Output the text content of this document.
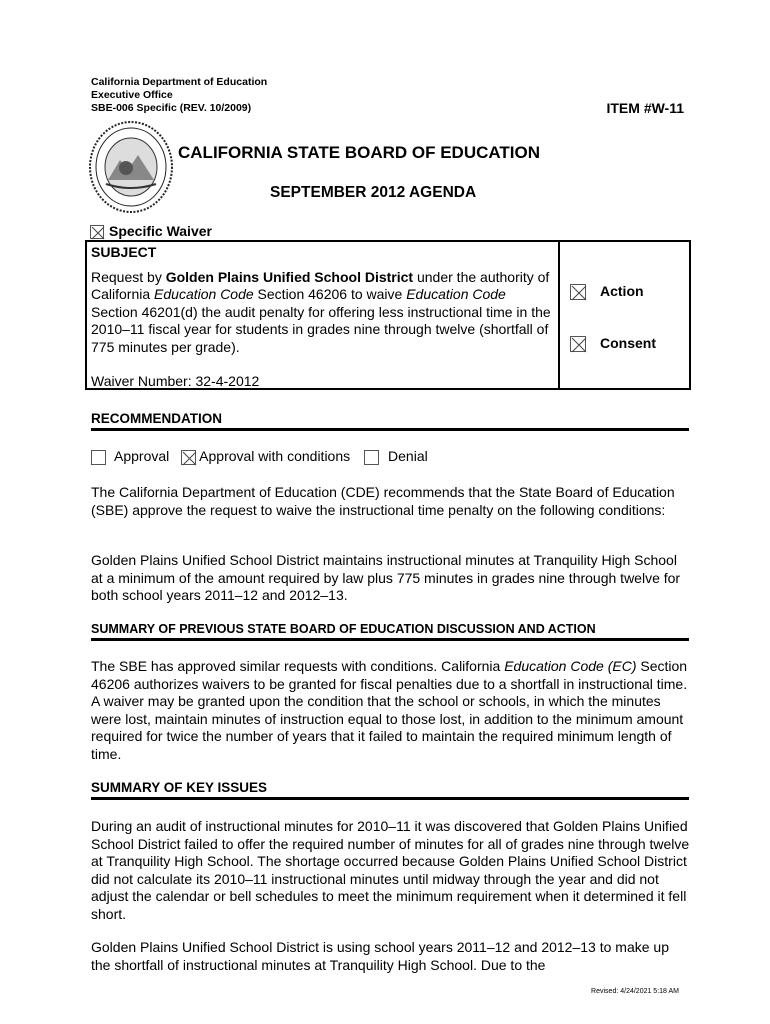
California Department of Education
Executive Office
SBE-006 Specific (REV. 10/2009)	ITEM #W-11
CALIFORNIA STATE BOARD OF EDUCATION
SEPTEMBER 2012 AGENDA
Specific Waiver
SUBJECT
Request by Golden Plains Unified School District under the authority of California Education Code Section 46206 to waive Education Code Section 46201(d) the audit penalty for offering less instructional time in the 2010–11 fiscal year for students in grades nine through twelve (shortfall of 775 minutes per grade).
Waiver Number: 32-4-2012
Action
Consent
RECOMMENDATION
Approval Approval with conditions	Denial
The California Department of Education (CDE) recommends that the State Board of Education (SBE) approve the request to waive the instructional time penalty on the following conditions:
Golden Plains Unified School District maintains instructional minutes at Tranquility High School at a minimum of the amount required by law plus 775 minutes in grades nine through twelve for both school years 2011–12 and 2012–13.
SUMMARY OF PREVIOUS STATE BOARD OF EDUCATION DISCUSSION AND ACTION
The SBE has approved similar requests with conditions. California Education Code (EC) Section 46206 authorizes waivers to be granted for fiscal penalties due to a shortfall in instructional time. A waiver may be granted upon the condition that the school or schools, in which the minutes were lost, maintain minutes of instruction equal to those lost, in addition to the minimum amount required for twice the number of years that it failed to maintain the required minimum length of time.
SUMMARY OF KEY ISSUES
During an audit of instructional minutes for 2010–11 it was discovered that Golden Plains Unified School District failed to offer the required number of minutes for all of grades nine through twelve at Tranquility High School. The shortage occurred because Golden Plains Unified School District did not calculate its 2010–11 instructional minutes until midway through the year and did not adjust the calendar or bell schedules to meet the minimum requirement when it determined it fell short.
Golden Plains Unified School District is using school years 2011–12 and 2012–13 to make up the shortfall of instructional minutes at Tranquility High School. Due to the
Revised: 4/24/2021 5:18 AM
